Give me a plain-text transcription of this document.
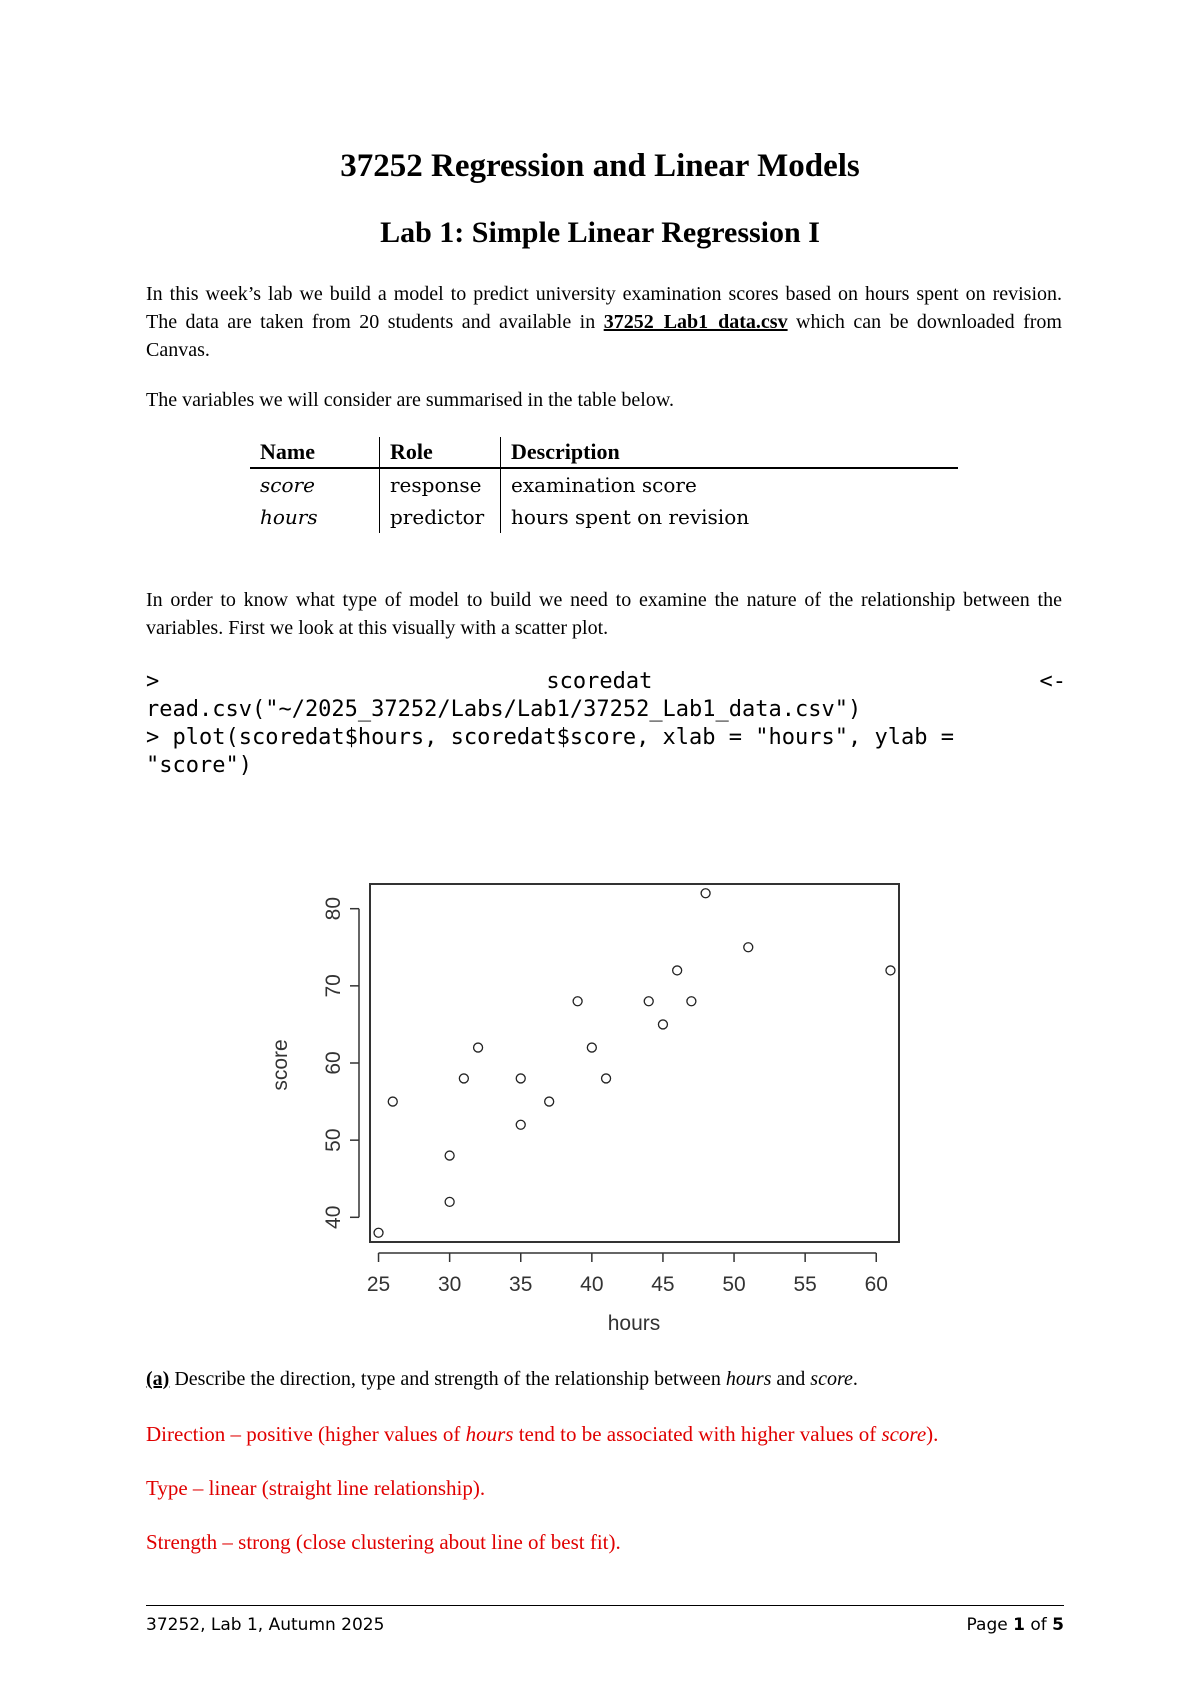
37252 Regression and Linear Models
Lab 1: Simple Linear Regression I
In this week’s lab we build a model to predict university examination scores based on hours spent on revision. The data are taken from 20 students and available in 37252_Lab1_data.csv which can be downloaded from Canvas.
The variables we will consider are summarised in the table below.
Name	Role	Description
score	response	examination score
hours	predictor	hours spent on revision
In order to know what type of model to build we need to examine the nature of the relationship between the variables. First we look at this visually with a scatter plot.
>	scoredat	<-
read.csv("~/2025_37252/Labs/Lab1/37252_Lab1_data.csv")
> plot(scoredat$hours, scoredat$score, xlab = "hours", ylab =
"score")
25 30 35 40 45 50 55 60
40
50
60
70
80
hours
score
(a) Describe the direction, type and strength of the relationship between hours and score.
Direction – positive (higher values of hours tend to be associated with higher values of score).
Type – linear (straight line relationship).
Strength – strong (close clustering about line of best fit).
37252, Lab 1, Autumn 2025	Page 1 of 5
